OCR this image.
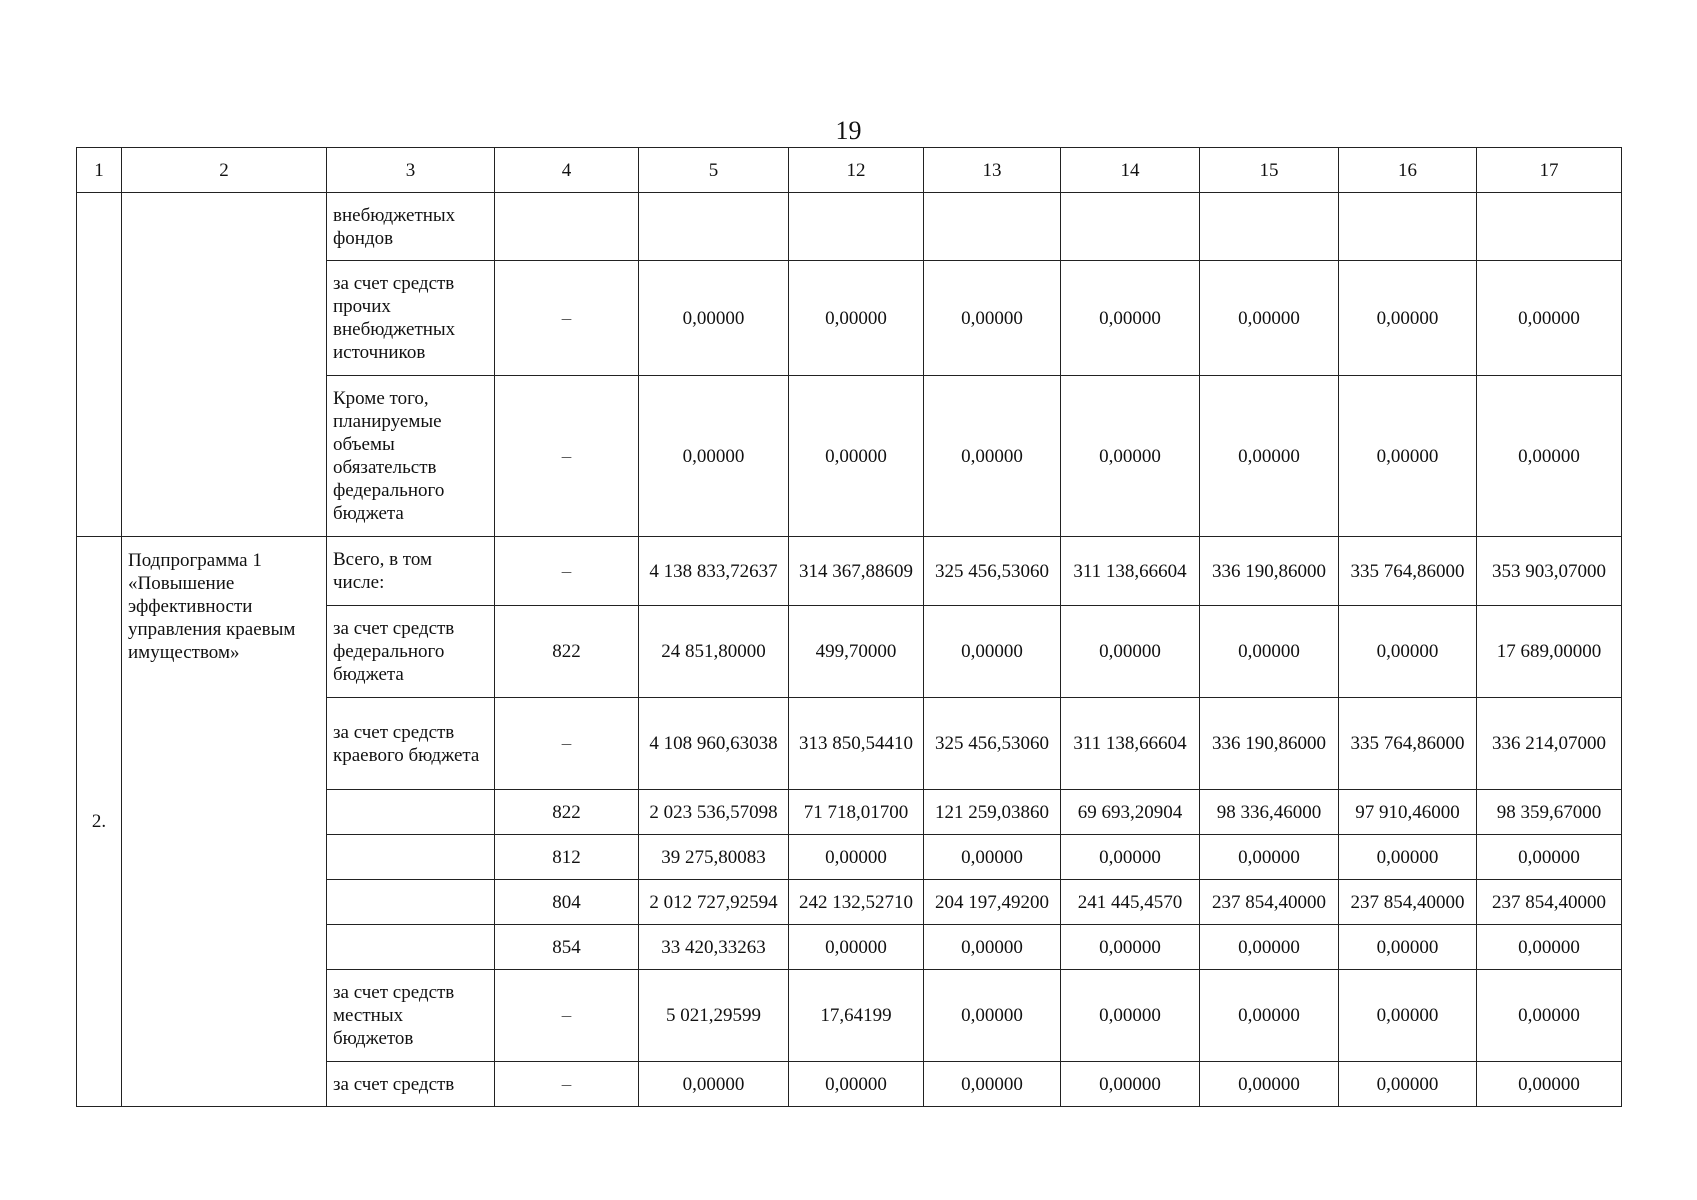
19
1	2	3	4	5	12	13	14	15	16	17
		внебюджетных фондов								
		за счет средств прочих внебюджетных источников	–	0,00000	0,00000	0,00000	0,00000	0,00000	0,00000	0,00000
		Кроме того, планируемые объемы обязательств федерального бюджета	–	0,00000	0,00000	0,00000	0,00000	0,00000	0,00000	0,00000
2.	Подпрограмма 1 «Повышение эффективности управления краевым имуществом»	Всего, в том числе:	–	4 138 833,72637	314 367,88609	325 456,53060	311 138,66604	336 190,86000	335 764,86000	353 903,07000
		за счет средств федерального бюджета	822	24 851,80000	499,70000	0,00000	0,00000	0,00000	0,00000	17 689,00000
		за счет средств краевого бюджета	–	4 108 960,63038	313 850,54410	325 456,53060	311 138,66604	336 190,86000	335 764,86000	336 214,07000
			822	2 023 536,57098	71 718,01700	121 259,03860	69 693,20904	98 336,46000	97 910,46000	98 359,67000
			812	39 275,80083	0,00000	0,00000	0,00000	0,00000	0,00000	0,00000
			804	2 012 727,92594	242 132,52710	204 197,49200	241 445,4570	237 854,40000	237 854,40000	237 854,40000
			854	33 420,33263	0,00000	0,00000	0,00000	0,00000	0,00000	0,00000
		за счет средств местных бюджетов	–	5 021,29599	17,64199	0,00000	0,00000	0,00000	0,00000	0,00000
		за счет средств	–	0,00000	0,00000	0,00000	0,00000	0,00000	0,00000	0,00000
